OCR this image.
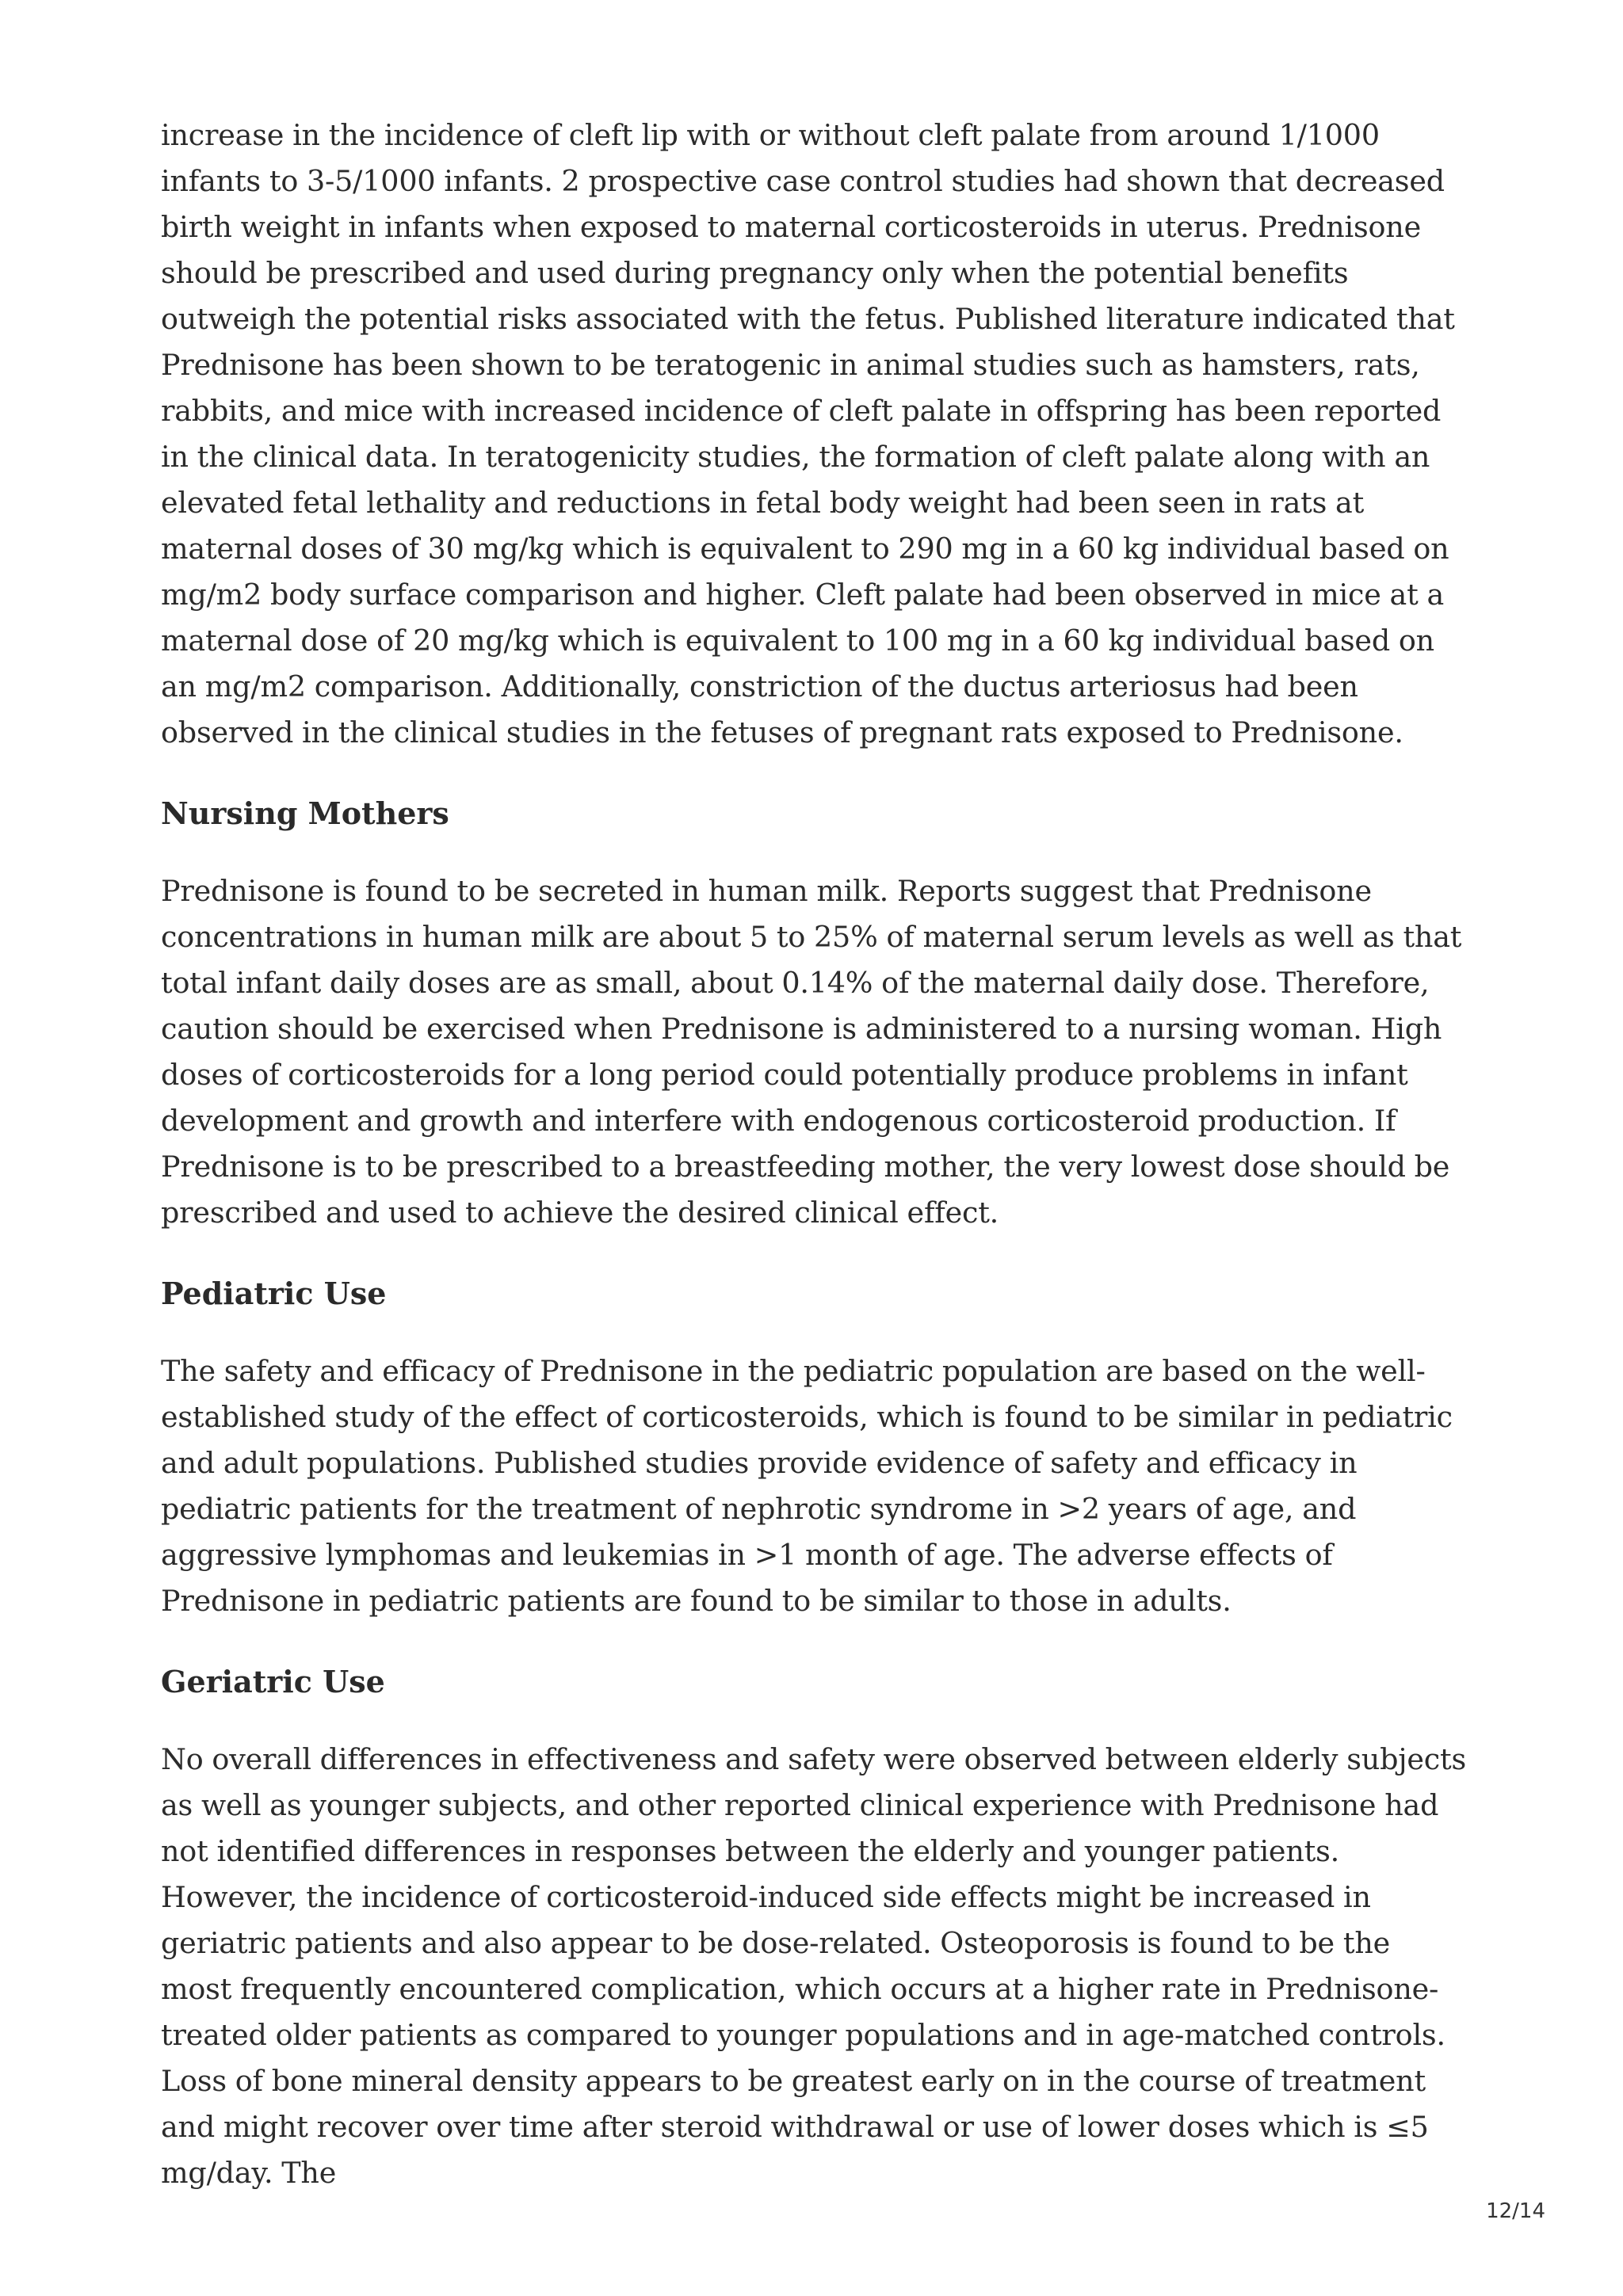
increase in the incidence of cleft lip with or without cleft palate from around 1/1000 infants to 3-5/1000 infants. 2 prospective case control studies had shown that decreased birth weight in infants when exposed to maternal corticosteroids in uterus. Prednisone should be prescribed and used during pregnancy only when the potential benefits outweigh the potential risks associated with the fetus. Published literature indicated that Prednisone has been shown to be teratogenic in animal studies such as hamsters, rats, rabbits, and mice with increased incidence of cleft palate in offspring has been reported in the clinical data. In teratogenicity studies, the formation of cleft palate along with an elevated fetal lethality and reductions in fetal body weight had been seen in rats at maternal doses of 30 mg/kg which is equivalent to 290 mg in a 60 kg individual based on mg/m2 body surface comparison and higher. Cleft palate had been observed in mice at a maternal dose of 20 mg/kg which is equivalent to 100 mg in a 60 kg individual based on an mg/m2 comparison. Additionally, constriction of the ductus arteriosus had been observed in the clinical studies in the fetuses of pregnant rats exposed to Prednisone.

Nursing Mothers

Prednisone is found to be secreted in human milk. Reports suggest that Prednisone concentrations in human milk are about 5 to 25% of maternal serum levels as well as that total infant daily doses are as small, about 0.14% of the maternal daily dose. Therefore, caution should be exercised when Prednisone is administered to a nursing woman. High doses of corticosteroids for a long period could potentially produce problems in infant development and growth and interfere with endogenous corticosteroid production. If Prednisone is to be prescribed to a breastfeeding mother, the very lowest dose should be prescribed and used to achieve the desired clinical effect.

Pediatric Use

The safety and efficacy of Prednisone in the pediatric population are based on the well-established study of the effect of corticosteroids, which is found to be similar in pediatric and adult populations. Published studies provide evidence of safety and efficacy in pediatric patients for the treatment of nephrotic syndrome in >2 years of age, and aggressive lymphomas and leukemias in >1 month of age. The adverse effects of Prednisone in pediatric patients are found to be similar to those in adults.

Geriatric Use

No overall differences in effectiveness and safety were observed between elderly subjects as well as younger subjects, and other reported clinical experience with Prednisone had not identified differences in responses between the elderly and younger patients. However, the incidence of corticosteroid-induced side effects might be increased in geriatric patients and also appear to be dose-related. Osteoporosis is found to be the most frequently encountered complication, which occurs at a higher rate in Prednisone-treated older patients as compared to younger populations and in age-matched controls. Loss of bone mineral density appears to be greatest early on in the course of treatment and might recover over time after steroid withdrawal or use of lower doses which is ≤5 mg/day. The

12/14
